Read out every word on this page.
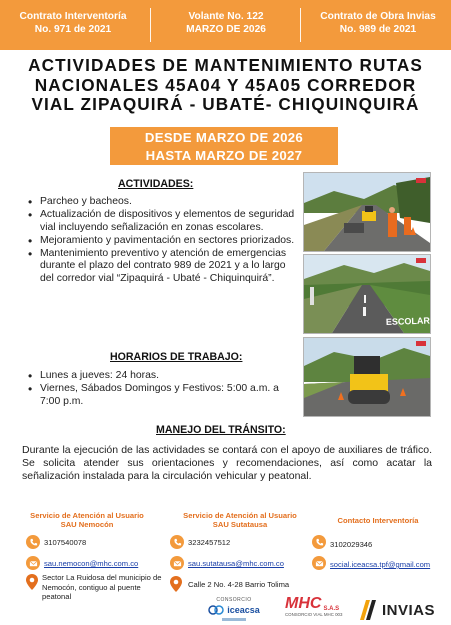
Contrato Interventoría
No. 971 de 2021
Volante No. 122
MARZO DE 2026
Contrato de Obra Invias
No. 989 de 2021
ACTIVIDADES DE MANTENIMIENTO RUTAS
NACIONALES 45A04 Y 45A05 CORREDOR
VIAL ZIPAQUIRÁ - UBATÉ- CHIQUINQUIRÁ
DESDE MARZO DE 2026
HASTA MARZO DE 2027
ACTIVIDADES:
• Parcheo y bacheos.
• Actualización de dispositivos y elementos de seguridad vial incluyendo señalización en zonas escolares.
• Mejoramiento y pavimentación en sectores priorizados.
• Mantenimiento preventivo y atención de emergencias durante el plazo del contrato 989 de 2021 y a lo largo del corredor vial “Zipaquirá - Ubaté - Chiquinquirá”.
HORARIOS DE TRABAJO:
• Lunes a jueves: 24 horas.
• Viernes, Sábados Domingos y Festivos: 5:00 a.m. a 7:00 p.m.
ESCOLAR
MANEJO DEL TRÁNSITO:
Durante la ejecución de las actividades se contará con el apoyo de auxiliares de tráfico. Se solicita atender sus orientaciones y recomendaciones, así como acatar la señalización instalada para la circulación vehicular y peatonal.
Servicio de Atención al Usuario
SAU Nemocón
3107540078
sau.nemocon@mhc.com.co
Sector La Ruidosa del municipio de Nemocón, contiguo al puente peatonal
Servicio de Atención al Usuario
SAU Sutatausa
3232457512
sau.sutatausa@mhc.com.co
Calle 2 No. 4-28 Barrio Tolima
Contacto Interventoría
3102029346
social.iceacsa.tpf@gmail.com
CONSORCIO
iceacsa MHC S.A.S
CONSORCIO VIAL MHC 003	INVIAS
